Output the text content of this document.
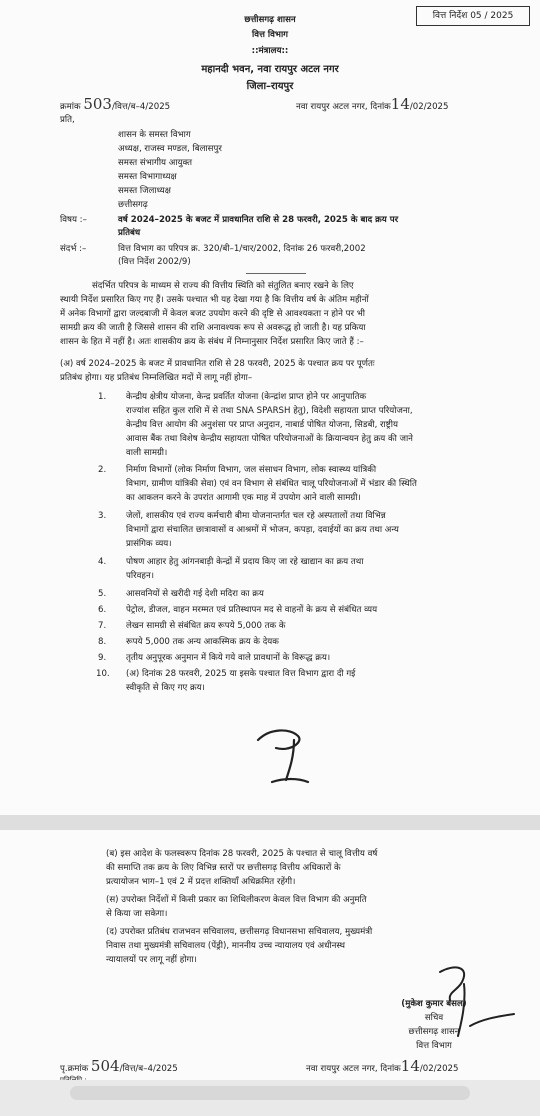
वित्त निर्देश 05 / 2025
छत्तीसगढ़ शासन
वित्त विभाग
::मंत्रालय::
महानदी भवन, नवा रायपुर अटल नगर
जिला–रायपुर
क्रमांक 503/वित्त/ब–4/2025	नवा रायपुर अटल नगर, दिनांक14/02/2025
प्रति,
शासन के समस्त विभाग
अध्यक्ष, राजस्व मण्डल, बिलासपुर
समस्त संभागीय आयुक्त
समस्त विभागाध्यक्ष
समस्त जिलाध्यक्ष
छत्तीसगढ़
विषय :–	वर्ष 2024–2025 के बजट में प्रावधानित राशि से 28 फरवरी, 2025 के बाद क्रय पर
प्रतिबंध
संदर्भ :–	वित्त विभाग का परिपत्र क्र. 320/बी–1/चार/2002, दिनांक 26 फरवरी,2002
(वित्त निर्देश 2002/9)
संदर्भित परिपत्र के माध्यम से राज्य की वित्तीय स्थिति को संतुलित बनाए रखने के लिए
स्थायी निर्देश प्रसारित किए गए हैं। उसके पश्चात भी यह देखा गया है कि वित्तीय वर्ष के अंतिम महीनों
में अनेक विभागों द्वारा जल्दबाजी में केवल बजट उपयोग करने की दृष्टि से आवश्यकता न होने पर भी
सामग्री क्रय की जाती है जिससे शासन की राशि अनावश्यक रूप से अवरूद्ध हो जाती है। यह प्रकिया
शासन के हित में नहीं है। अतः शासकीय क्रय के संबंध में निम्नानुसार निर्देश प्रसारित किए जाते हैं :–
(अ) वर्ष 2024–2025 के बजट में प्रावधानित राशि से 28 फरवरी, 2025 के पश्चात क्रय पर पूर्णतः
प्रतिबंध होगा। यह प्रतिबंध निम्नलिखित मदों में लागू नहीं होगा–
1. केन्द्रीय क्षेत्रीय योजना, केन्द्र प्रवर्तित योजना (केन्द्रांश प्राप्त होने पर आनुपातिक
राज्यांश सहित कुल राशि में से तथा SNA SPARSH हेतु), विदेशी सहायता प्राप्त परियोजना,
केन्द्रीय वित्त आयोग की अनुशंसा पर प्राप्त अनुदान, नाबार्ड पोषित योजना, सिडबी, राष्ट्रीय
आवास बैंक तथा विशेष केन्द्रीय सहायता पोषित परियोजनाओं के क्रियान्वयन हेतु क्रय की जाने
वाली सामग्री।
2. निर्माण विभागों (लोक निर्माण विभाग, जल संसाधन विभाग, लोक स्वास्थ्य यांत्रिकी
विभाग, ग्रामीण यांत्रिकी सेवा) एवं वन विभाग से संबंधित चालू परियोजनाओं में भंडार की स्थिति
का आकलन करने के उपरांत आगामी एक माह में उपयोग आने वाली सामग्री।
3. जेलों, शासकीय एवं राज्य कर्मचारी बीमा योजनान्तर्गत चल रहे अस्पतालों तथा विभिन्न
विभागों द्वारा संचालित छात्रावासों व आश्रमों में भोजन, कपड़ा, दवाईयों का क्रय तथा अन्य
प्रासंगिक व्यय।
4. पोषण आहार हेतु आंगनबाड़ी केन्द्रों में प्रदाय किए जा रहे खाद्यान का क्रय तथा
परिवहन।
5. आसवनियों से खरीदी गई देशी मदिरा का क्रय
6. पेट्रोल, डीजल, वाहन मरम्मत एवं प्रतिस्थापन मद से वाहनों के क्रय से संबंधित व्यय
7. लेखन सामग्री से संबंधित क्रय रूपये 5,000 तक के
8. रूपये 5,000 तक अन्य आकस्मिक क्रय के देयक
9. तृतीय अनुपूरक अनुमान में किये गये वाले प्रावधानों के विरूद्ध क्रय।
10. (अ) दिनांक 28 फरवरी, 2025 या इसके पश्चात वित्त विभाग द्वारा दी गई
स्वीकृति से किए गए क्रय।
(ब) इस आदेश के फलस्वरूप दिनांक 28 फरवरी, 2025 के पश्चात से चालू वित्तीय वर्ष
की समाप्ति तक क्रय के लिए विभिन्न स्तरों पर छत्तीसगढ़ वित्तीय अधिकारों के
प्रत्यायोजन भाग–1 एवं 2 में प्रदत्त शक्तियाँ अधिक्रमित रहेंगी।
(स) उपरोक्त निर्देशों में किसी प्रकार का शिथिलीकरण केवल वित्त विभाग की अनुमति
से किया जा सकेगा।
(द) उपरोक्त प्रतिबंध राजभवन सचिवालय, छत्तीसगढ़ विधानसभा सचिवालय, मुख्यमंत्री
निवास तथा मुख्यमंत्री सचिवालय (पेंड्री), माननीय उच्च न्यायालय एवं अधीनस्थ
न्यायालयों पर लागू नहीं होगा।
(मुकेश कुमार बंसल)
सचिव
छत्तीसगढ़ शासन
वित्त विभाग
पृ.क्रमांक 504/वित्त/ब–4/2025	नवा रायपुर अटल नगर, दिनांक14/02/2025
